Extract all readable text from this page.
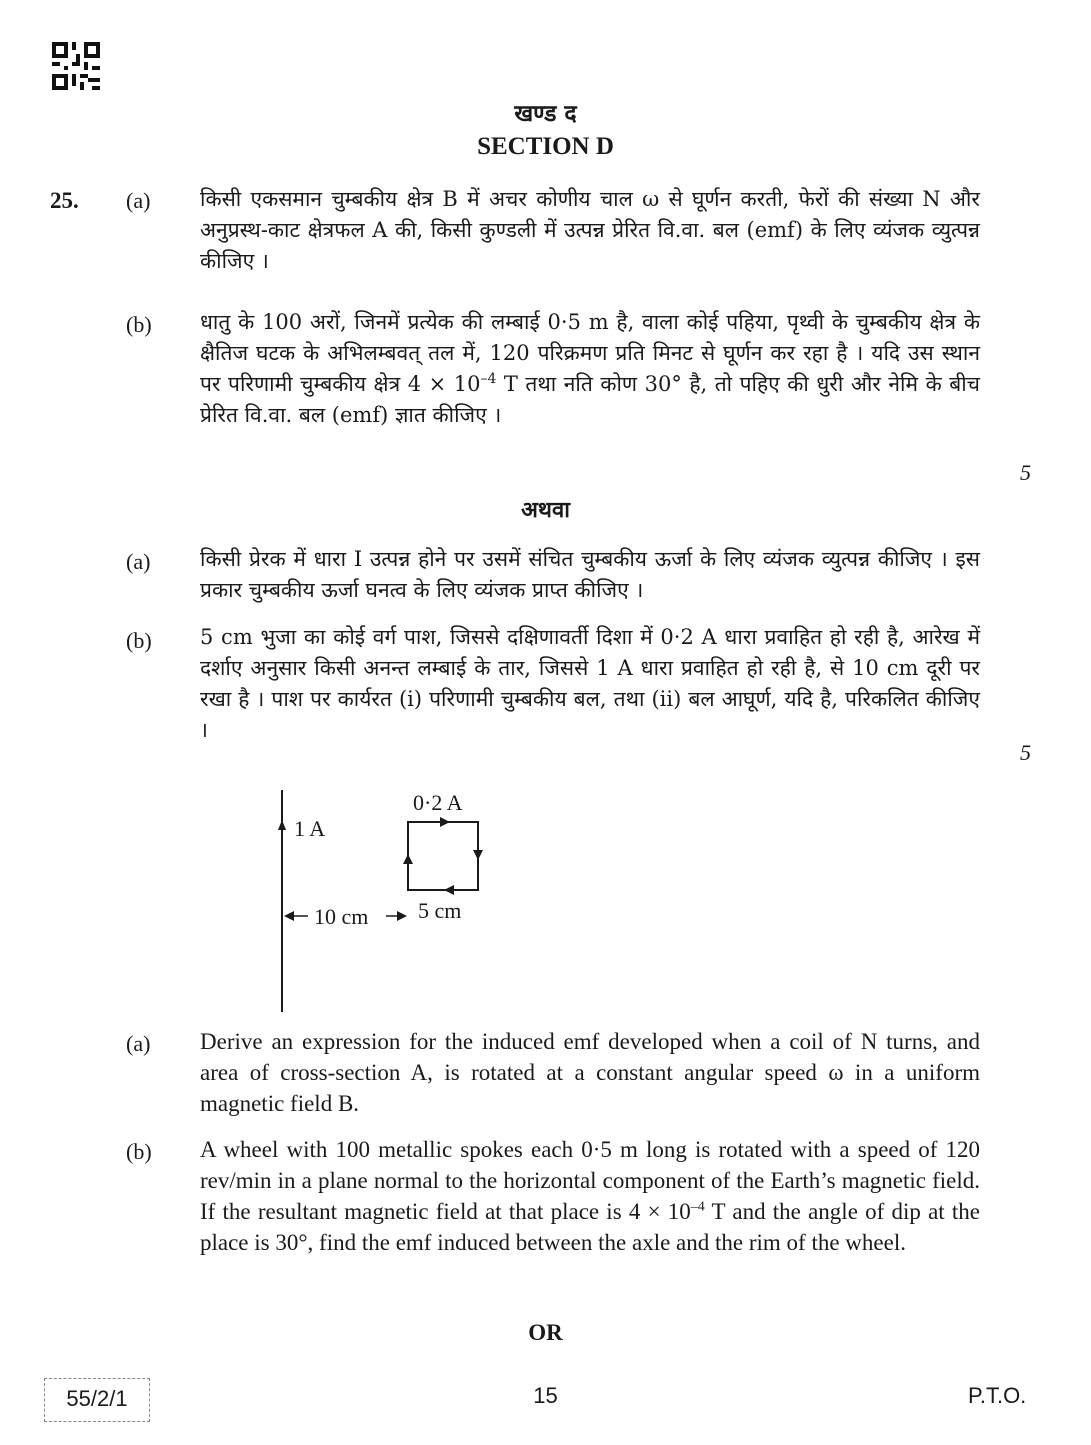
खण्ड द
SECTION D
25. (a) किसी एकसमान चुम्बकीय क्षेत्र B में अचर कोणीय चाल ω से घूर्णन करती, फेरों की संख्या N और अनुप्रस्थ-काट क्षेत्रफल A की, किसी कुण्डली में उत्पन्न प्रेरित वि.वा. बल (emf) के लिए व्यंजक व्युत्पन्न कीजिए ।
(b) धातु के 100 अरों, जिनमें प्रत्येक की लम्बाई 0·5 m है, वाला कोई पहिया, पृथ्वी के चुम्बकीय क्षेत्र के क्षैतिज घटक के अभिलम्बवत् तल में, 120 परिक्रमण प्रति मिनट से घूर्णन कर रहा है । यदि उस स्थान पर परिणामी चुम्बकीय क्षेत्र $4 \times 10^{-4}$ T तथा नति कोण 30° है, तो पहिए की धुरी और नेमि के बीच प्रेरित वि.वा. बल (emf) ज्ञात कीजिए ।
5
अथवा
(a) किसी प्रेरक में धारा I उत्पन्न होने पर उसमें संचित चुम्बकीय ऊर्जा के लिए व्यंजक व्युत्पन्न कीजिए । इस प्रकार चुम्बकीय ऊर्जा घनत्व के लिए व्यंजक प्राप्त कीजिए ।
(b) 5 cm भुजा का कोई वर्ग पाश, जिससे दक्षिणावर्ती दिशा में 0·2 A धारा प्रवाहित हो रही है, आरेख में दर्शाए अनुसार किसी अनन्त लम्बाई के तार, जिससे 1 A धारा प्रवाहित हो रही है, से 10 cm दूरी पर रखा है । पाश पर कार्यरत (i) परिणामी चुम्बकीय बल, तथा (ii) बल आघूर्ण, यदि है, परिकलित कीजिए ।
5
1 A
0·2 A
10 cm 5 cm
(a) Derive an expression for the induced emf developed when a coil of N turns, and area of cross-section A, is rotated at a constant angular speed ω in a uniform magnetic field B.
(b) A wheel with 100 metallic spokes each 0·5 m long is rotated with a speed of 120 rev/min in a plane normal to the horizontal component of the Earth’s magnetic field. If the resultant magnetic field at that place is $4 \times 10^{-4}$ T and the angle of dip at the place is 30°, find the emf induced between the axle and the rim of the wheel.
OR
55/2/1	15	P.T.O.
